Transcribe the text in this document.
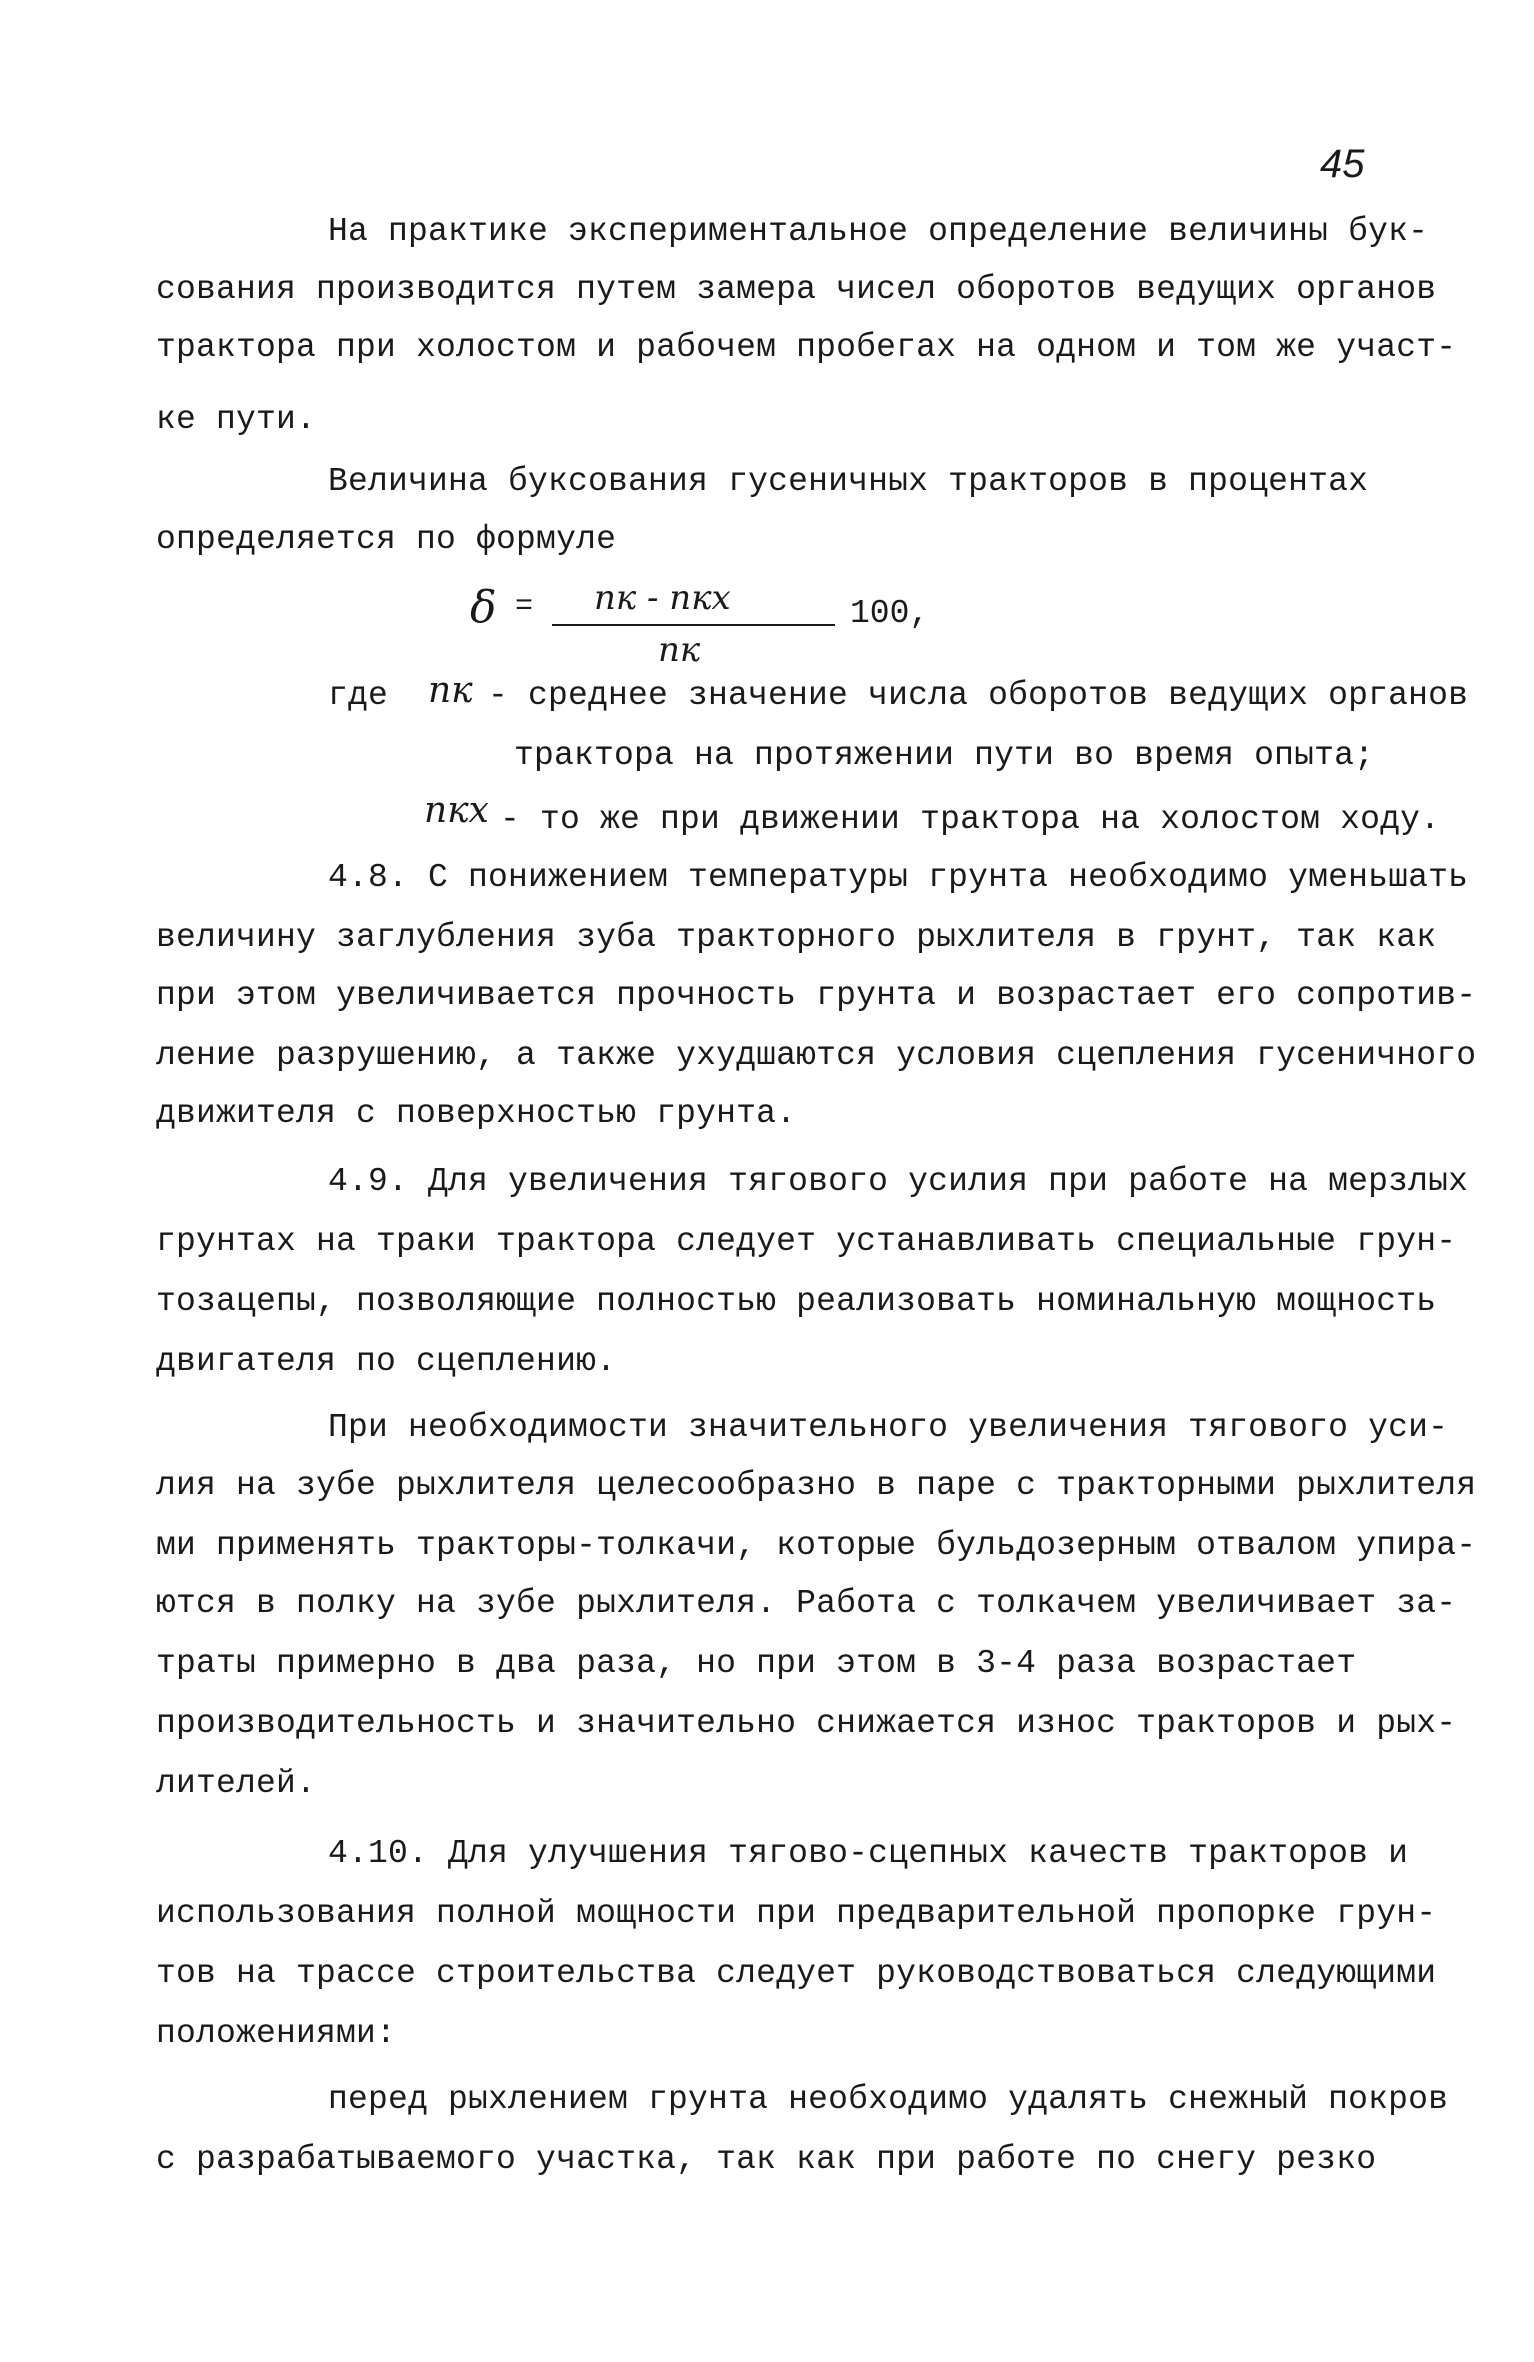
45

На практике экспериментальное определение величины бук-

сования производится путем замера чисел оборотов ведущих органов

трактора при холостом и рабочем пробегах на одном и том же участ-

ке пути.

Величина буксования гусеничных тракторов в процентах

определяется по формуле

δ = nк - nкх
nк
100,

где nк - среднее значение числа оборотов ведущих органов

трактора на протяжении пути во время опыта;

nкх - то же при движении трактора на холостом ходу.

4.8. С понижением температуры грунта необходимо уменьшать

величину заглубления зуба тракторного рыхлителя в грунт, так как

при этом увеличивается прочность грунта и возрастает его сопротив-

ление разрушению, а также ухудшаются условия сцепления гусеничного

движителя с поверхностью грунта.

4.9. Для увеличения тягового усилия при работе на мерзлых

грунтах на траки трактора следует устанавливать специальные грун-

тозацепы, позволяющие полностью реализовать номинальную мощность

двигателя по сцеплению.

При необходимости значительного увеличения тягового уси-

лия на зубе рыхлителя целесообразно в паре с тракторными рыхлителя

ми применять тракторы-толкачи, которые бульдозерным отвалом упира-

ются в полку на зубе рыхлителя. Работа с толкачем увеличивает за-

траты примерно в два раза, но при этом в 3-4 раза возрастает

производительность и значительно снижается износ тракторов и рых-

лителей.

4.10. Для улучшения тягово-сцепных качеств тракторов и

использования полной мощности при предварительной пропорке грун-

тов на трассе строительства следует руководствоваться следующими

положениями:

перед рыхлением грунта необходимо удалять снежный покров

с разрабатываемого участка, так как при работе по снегу резко
